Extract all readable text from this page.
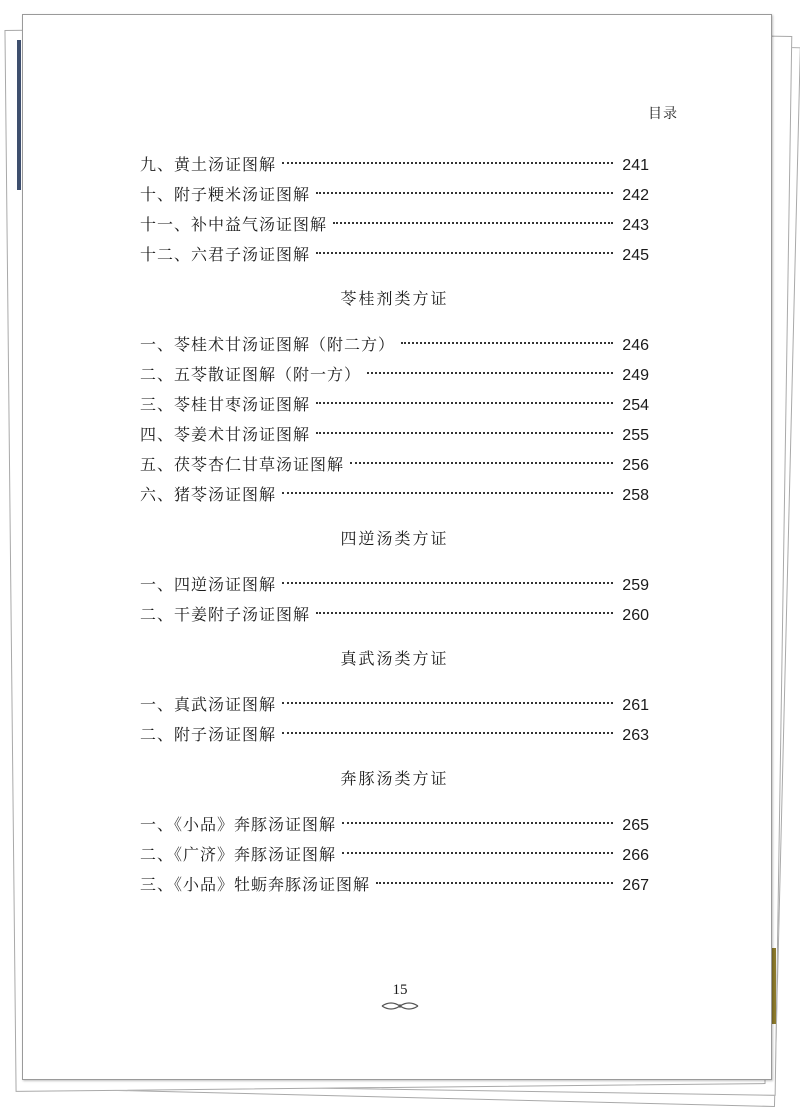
目录
九、黄土汤证图解	241
十、附子粳米汤证图解	242
十一、补中益气汤证图解	243
十二、六君子汤证图解	245
苓桂剂类方证
一、苓桂术甘汤证图解（附二方）	246
二、五苓散证图解（附一方）	249
三、苓桂甘枣汤证图解	254
四、苓姜术甘汤证图解	255
五、茯苓杏仁甘草汤证图解	256
六、猪苓汤证图解	258
四逆汤类方证
一、四逆汤证图解	259
二、干姜附子汤证图解	260
真武汤类方证
一、真武汤证图解	261
二、附子汤证图解	263
奔豚汤类方证
一、《小品》奔豚汤证图解	265
二、《广济》奔豚汤证图解	266
三、《小品》牡蛎奔豚汤证图解	267
15
